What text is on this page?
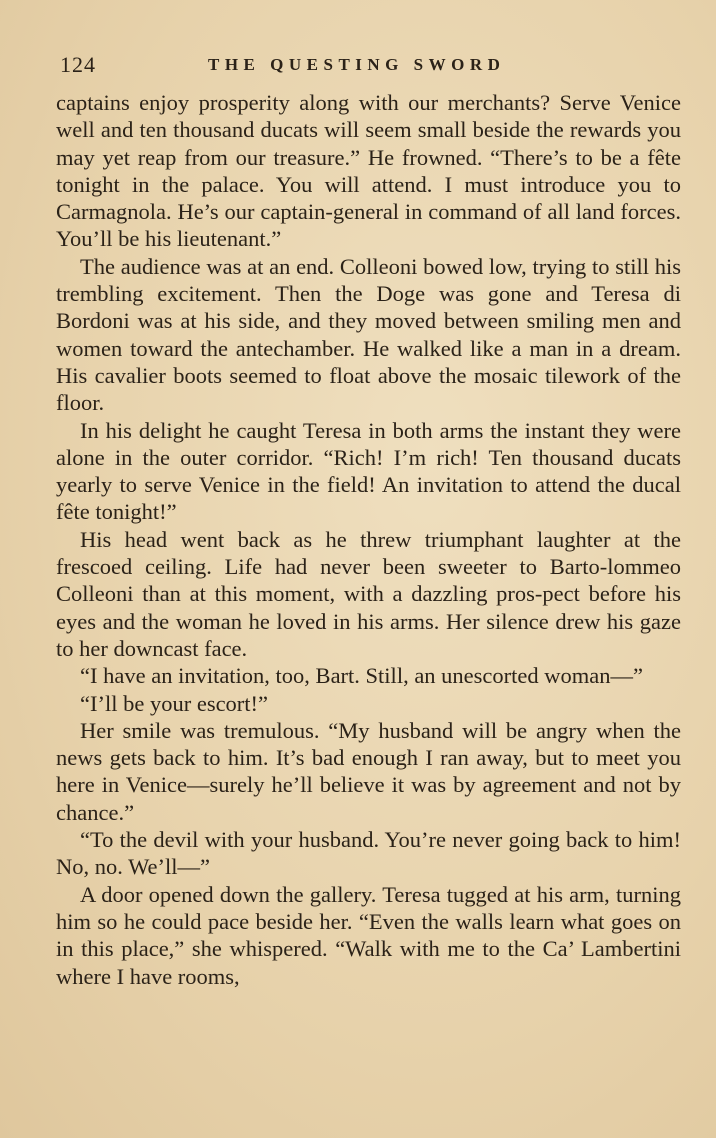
124	THE QUESTING SWORD

captains enjoy prosperity along with our merchants? Serve Venice well and ten thousand ducats will seem small beside the rewards you may yet reap from our treasure.” He frowned. “There’s to be a fête tonight in the palace. You will attend. I must introduce you to Carmagnola. He’s our captain-general in command of all land forces. You’ll be his lieutenant.”

The audience was at an end. Colleoni bowed low, trying to still his trembling excitement. Then the Doge was gone and Teresa di Bordoni was at his side, and they moved between smiling men and women toward the antechamber. He walked like a man in a dream. His cavalier boots seemed to float above the mosaic tilework of the floor.

In his delight he caught Teresa in both arms the instant they were alone in the outer corridor. “Rich! I’m rich! Ten thousand ducats yearly to serve Venice in the field! An invitation to attend the ducal fête tonight!”

His head went back as he threw triumphant laughter at the frescoed ceiling. Life had never been sweeter to Barto-lommeo Colleoni than at this moment, with a dazzling pros-pect before his eyes and the woman he loved in his arms. Her silence drew his gaze to her downcast face.

“I have an invitation, too, Bart. Still, an unescorted woman—”

“I’ll be your escort!”

Her smile was tremulous. “My husband will be angry when the news gets back to him. It’s bad enough I ran away, but to meet you here in Venice—surely he’ll believe it was by agreement and not by chance.”

“To the devil with your husband. You’re never going back to him! No, no. We’ll—”

A door opened down the gallery. Teresa tugged at his arm, turning him so he could pace beside her. “Even the walls learn what goes on in this place,” she whispered. “Walk with me to the Ca’ Lambertini where I have rooms,
